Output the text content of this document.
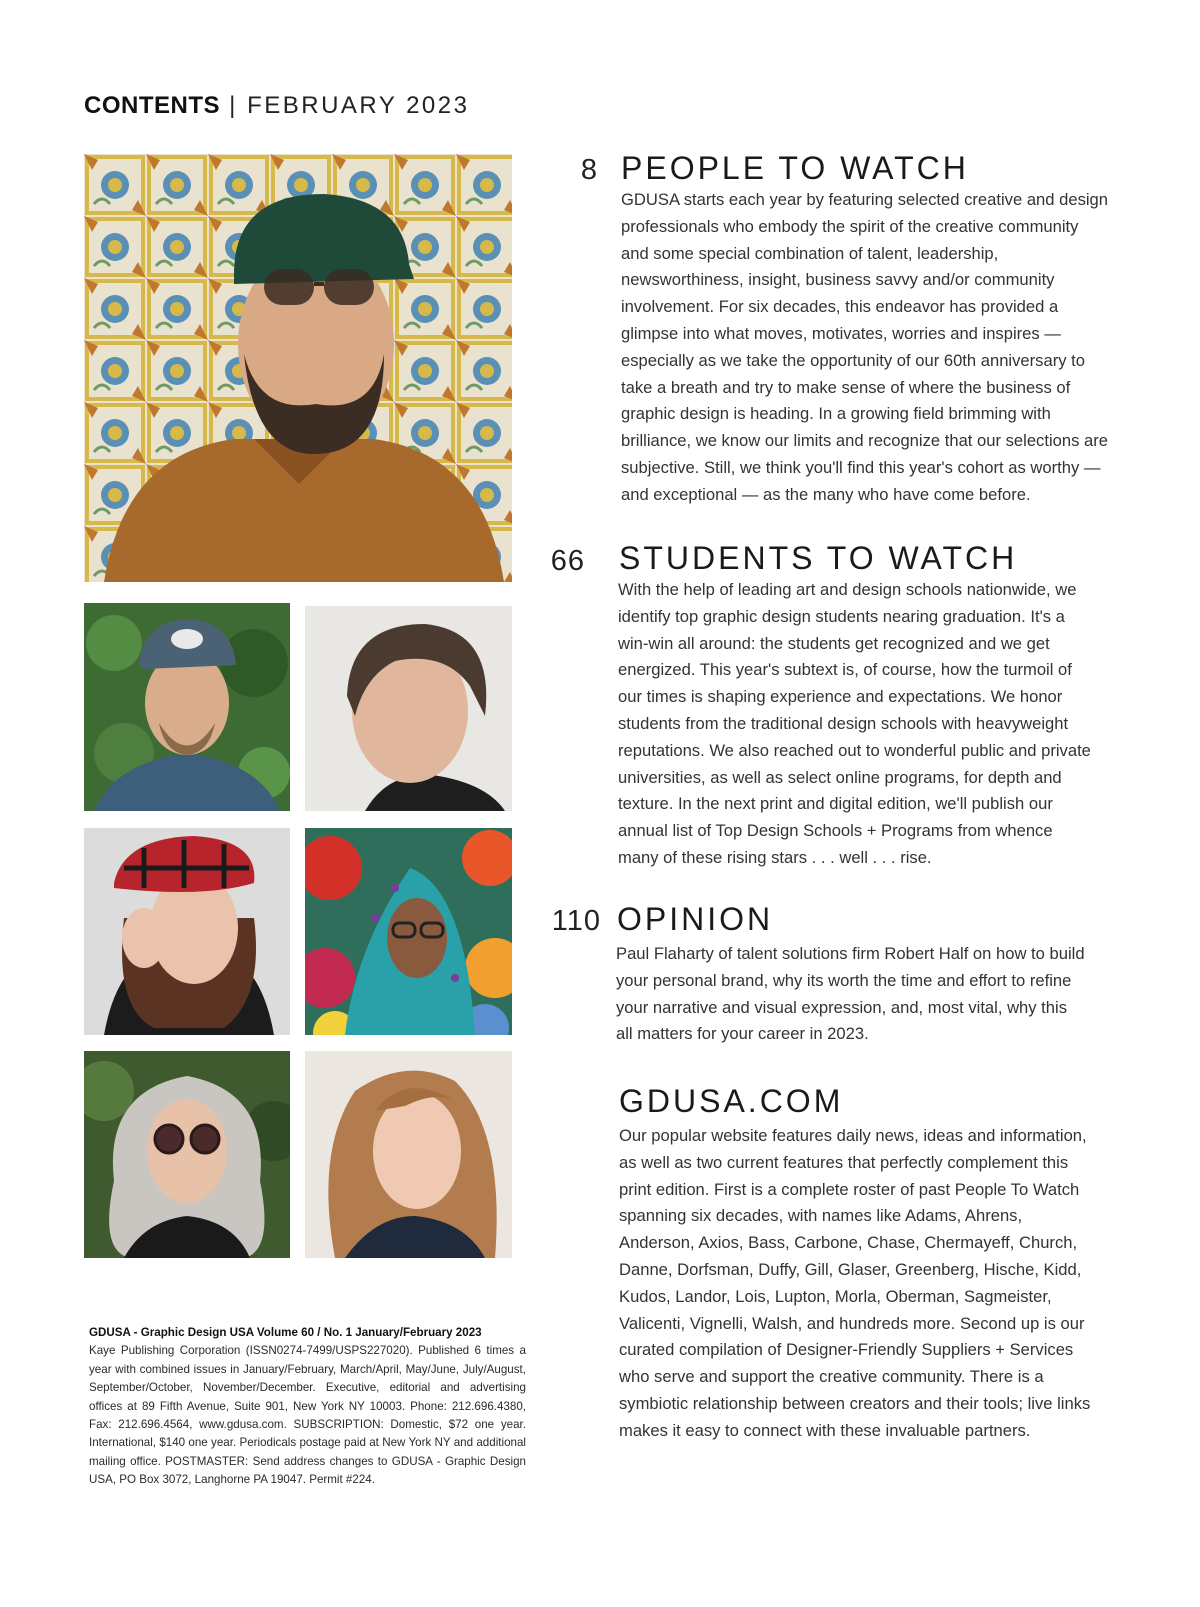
CONTENTS | FEBRUARY 2023
GDUSA - Graphic Design USA Volume 60 / No. 1 January/February 2023
Kaye Publishing Corporation (ISSN0274-7499/USPS227020). Published 6 times a year with combined issues in January/February, March/April, May/June, July/August, September/October, November/December. Executive, editorial and advertising offices at 89 Fifth Avenue, Suite 901, New York NY 10003. Phone: 212.696.4380, Fax: 212.696.4564, www.gdusa.com. SUBSCRIPTION: Domestic, $72 one year. International, $140 one year. Periodicals postage paid at New York NY and additional mailing office. POSTMASTER: Send address changes to GDUSA - Graphic Design USA, PO Box 3072, Langhorne PA 19047. Permit #224.
8 PEOPLE TO WATCH
GDUSA starts each year by featuring selected creative and design professionals who embody the spirit of the creative community and some special combination of talent, leadership, newsworthiness, insight, business savvy and/or community involvement. For six decades, this endeavor has provided a glimpse into what moves, motivates, worries and inspires — especially as we take the opportunity of our 60th anniversary to take a breath and try to make sense of where the business of graphic design is heading. In a growing field brimming with brilliance, we know our limits and recognize that our selections are subjective. Still, we think you'll find this year's cohort as worthy — and exceptional — as the many who have come before.
66 STUDENTS TO WATCH
With the help of leading art and design schools nationwide, we identify top graphic design students nearing graduation. It's a win-win all around: the students get recognized and we get energized. This year's subtext is, of course, how the turmoil of our times is shaping experience and expectations. We honor students from the traditional design schools with heavyweight reputations. We also reached out to wonderful public and private universities, as well as select online programs, for depth and texture. In the next print and digital edition, we'll publish our annual list of Top Design Schools + Programs from whence many of these rising stars . . . well . . . rise.
110 OPINION
Paul Flaharty of talent solutions firm Robert Half on how to build your personal brand, why its worth the time and effort to refine your narrative and visual expression, and, most vital, why this all matters for your career in 2023.
GDUSA.COM
Our popular website features daily news, ideas and information, as well as two current features that perfectly complement this print edition. First is a complete roster of past People To Watch spanning six decades, with names like Adams, Ahrens, Anderson, Axios, Bass, Carbone, Chase, Chermayeff, Church, Danne, Dorfsman, Duffy, Gill, Glaser, Greenberg, Hische, Kidd, Kudos, Landor, Lois, Lupton, Morla, Oberman, Sagmeister, Valicenti, Vignelli, Walsh, and hundreds more. Second up is our curated compilation of Designer-Friendly Suppliers + Services who serve and support the creative community. There is a symbiotic relationship between creators and their tools; live links makes it easy to connect with these invaluable partners.
